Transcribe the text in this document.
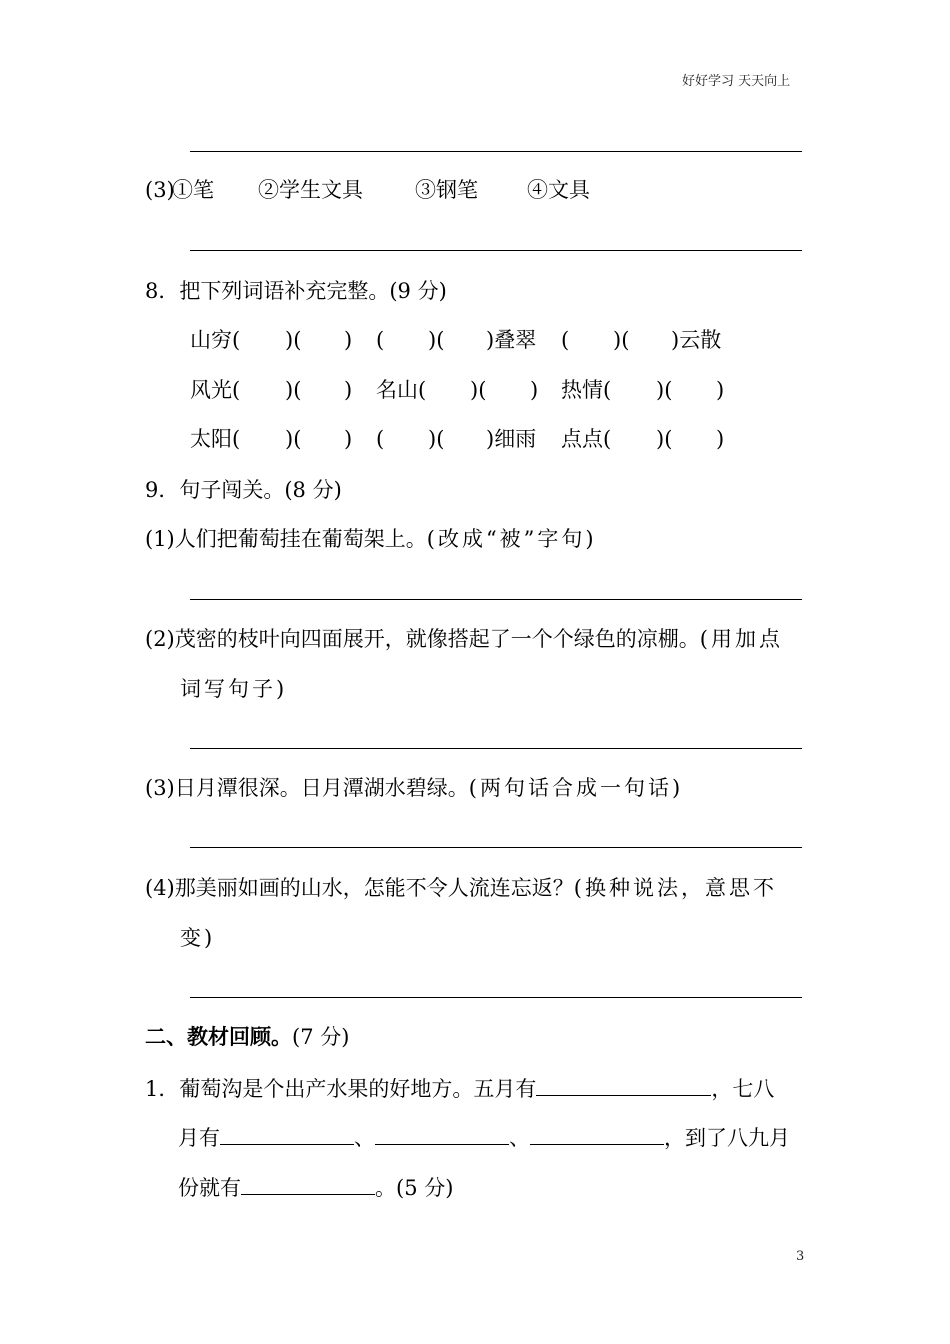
好好学习 天天向上
(3)
①笔 ②学生文具 ③钢笔 ④文具
8．把下列词语补充完整。(9 分)
山穷( )( ) ( )( )叠翠 ( )( )云散
风光( )( ) 名山( )( ) 热情( )( )
太阳( )( ) ( )( )细雨 点点( )( )
9．句子闯关。(8 分)
(1)人们把葡萄挂在葡萄架上。(改成“被”字句)
(2)茂密的枝叶向四面展开，就像搭起了一个个绿色的凉棚。(用加点
词写句子)
(3)日月潭很深。日月潭湖水碧绿。(两句话合成一句话)
(4)那美丽如画的山水，怎能不令人流连忘返？(换种说法，意思不
变)
二、教材回顾。(7 分)
1．葡萄沟是个出产水果的好地方。五月有	，七八
月有	、	、	，到了八九月
份就有	。(5 分)
3
